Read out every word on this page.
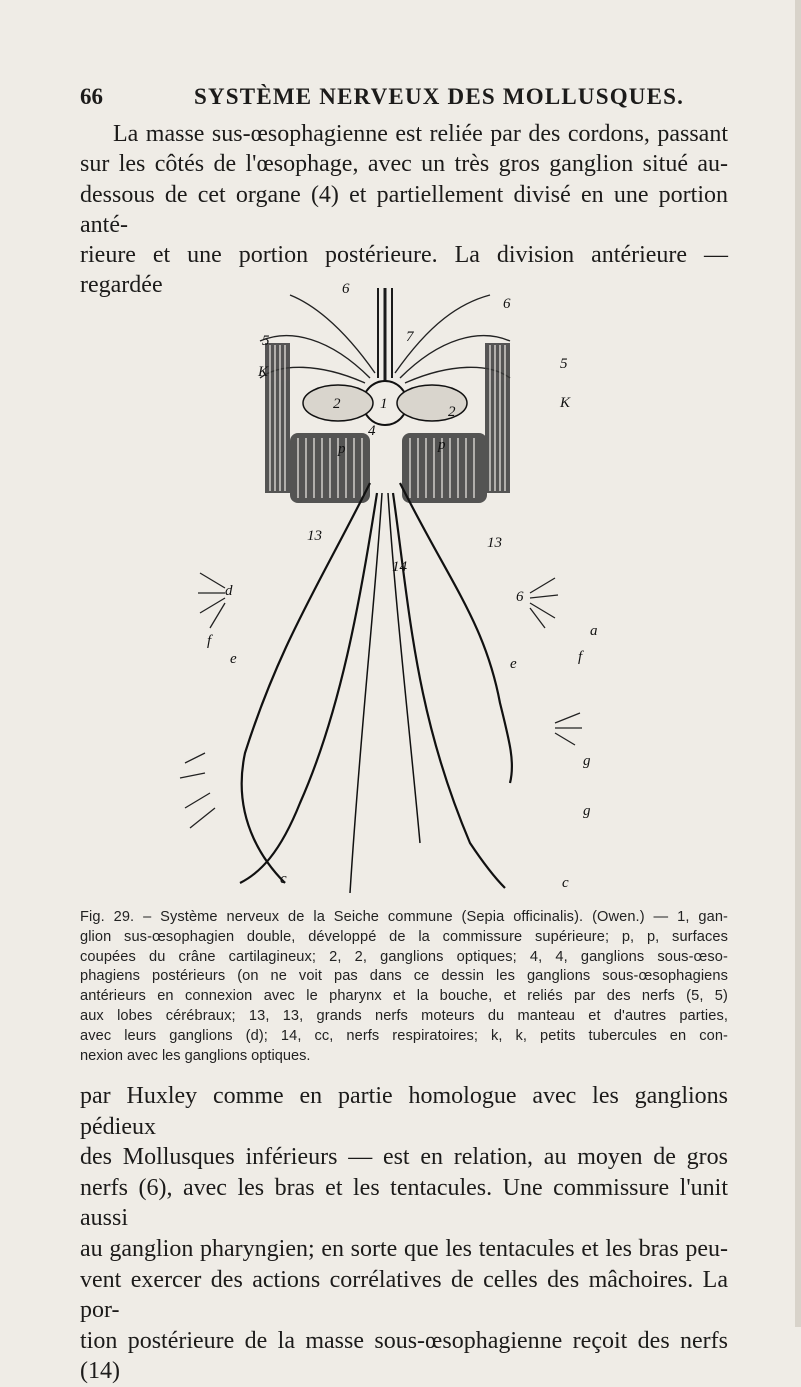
66	SYSTÈME NERVEUX DES MOLLUSQUES.
La masse sus-œsophagienne est reliée par des cordons, passant
sur les côtés de l'œsophage, avec un très gros ganglion situé au-
dessous de cet organe (4) et partiellement divisé en une portion anté-
rieure et une portion postérieure. La division antérieure — regardée	6
6
5
5
7
1
K
K
2	2
4
p	p
13	13
14
d
f
e
a
6
f
e
g
g
c	c
Fig. 29. – Système nerveux de la Seiche commune (Sepia officinalis). (Owen.) — 1, gan-
glion sus-œsophagien double, développé de la commissure supérieure; p, p, surfaces
coupées du crâne cartilagineux; 2, 2, ganglions optiques; 4, 4, ganglions sous-œso-
phagiens postérieurs (on ne voit pas dans ce dessin les ganglions sous-œsophagiens
antérieurs en connexion avec le pharynx et la bouche, et reliés par des nerfs (5, 5)
aux lobes cérébraux; 13, 13, grands nerfs moteurs du manteau et d'autres parties,
avec leurs ganglions (d); 14, cc, nerfs respiratoires; k, k, petits tubercules en con-
nexion avec les ganglions optiques.
par Huxley comme en partie homologue avec les ganglions pédieux
des Mollusques inférieurs — est en relation, au moyen de gros
nerfs (6), avec les bras et les tentacules. Une commissure l'unit aussi
au ganglion pharyngien; en sorte que les tentacules et les bras peu-
vent exercer des actions corrélatives de celles des mâchoires. La por-
tion postérieure de la masse sous-œsophagienne reçoit des nerfs (14)
